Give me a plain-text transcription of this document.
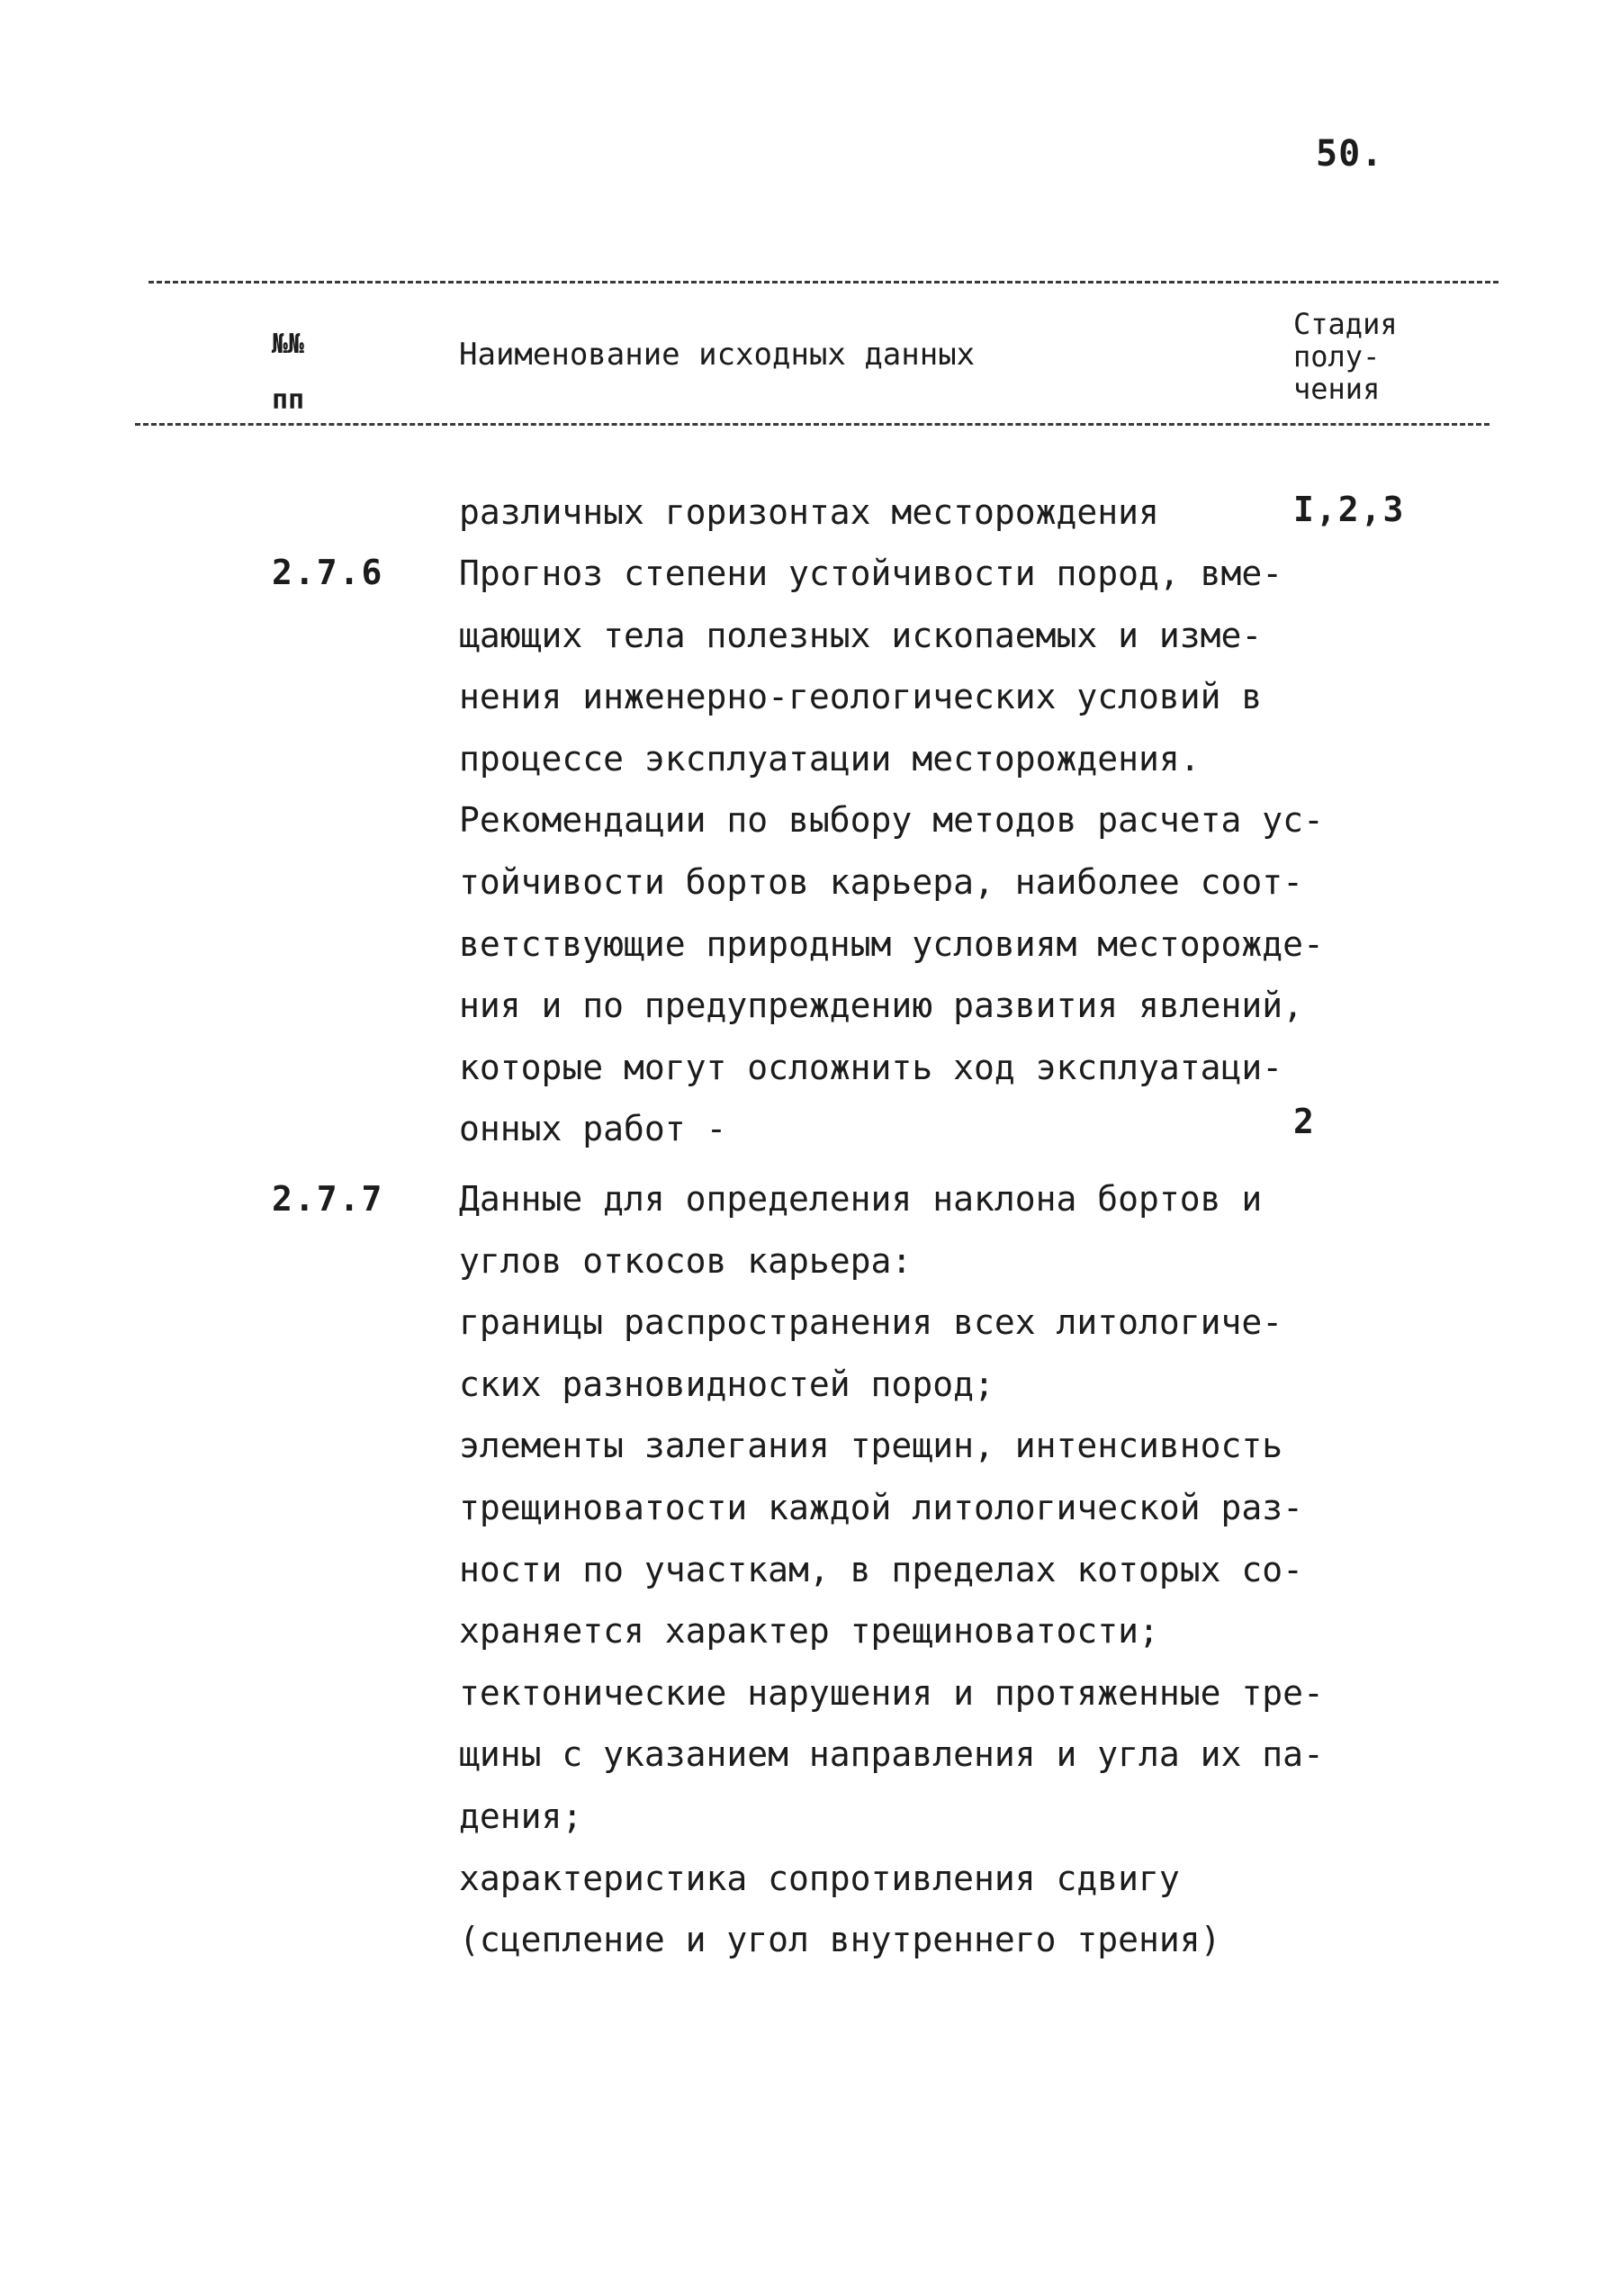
50.
№№
пп
Наименование исходных данных
Стадия
полу-
чения
различных горизонтах месторождения	I,2,3
2.7.6 Прогноз степени устойчивости пород, вме-
щающих тела полезных ископаемых и изме-
нения инженерно-геологических условий в
процессе эксплуатации месторождения.
Рекомендации по выбору методов расчета ус-
тойчивости бортов карьера, наиболее соот-
ветствующие природным условиям месторожде-
ния и по предупреждению развития явлений,
которые могут осложнить ход эксплуатаци-
онных работ -	2
2.7.7 Данные для определения наклона бортов и
углов откосов карьера:
границы распространения всех литологиче-
ских разновидностей пород;
элементы залегания трещин, интенсивность
трещиноватости каждой литологической раз-
ности по участкам, в пределах которых со-
храняется характер трещиноватости;
тектонические нарушения и протяженные тре-
щины с указанием направления и угла их па-
дения;
характеристика сопротивления сдвигу
(сцепление и угол внутреннего трения)
